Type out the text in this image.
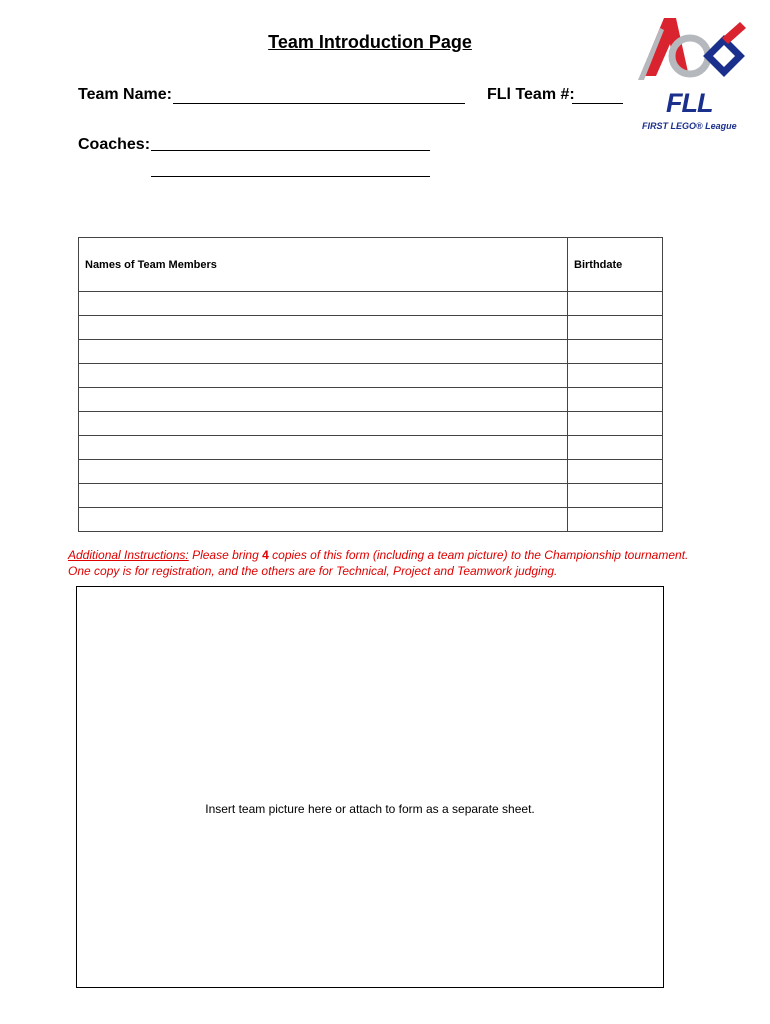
Team Introduction Page
FLL
FIRST LEGO® League
Team Name:	FLl Team #:
Coaches:
Names of Team Members	Birthdate

Additional Instructions: Please bring 4 copies of this form (including a team picture) to the Championship tournament. One copy is for registration, and the others are for Technical, Project and Teamwork judging.
Insert team picture here or attach to form as a separate sheet.
